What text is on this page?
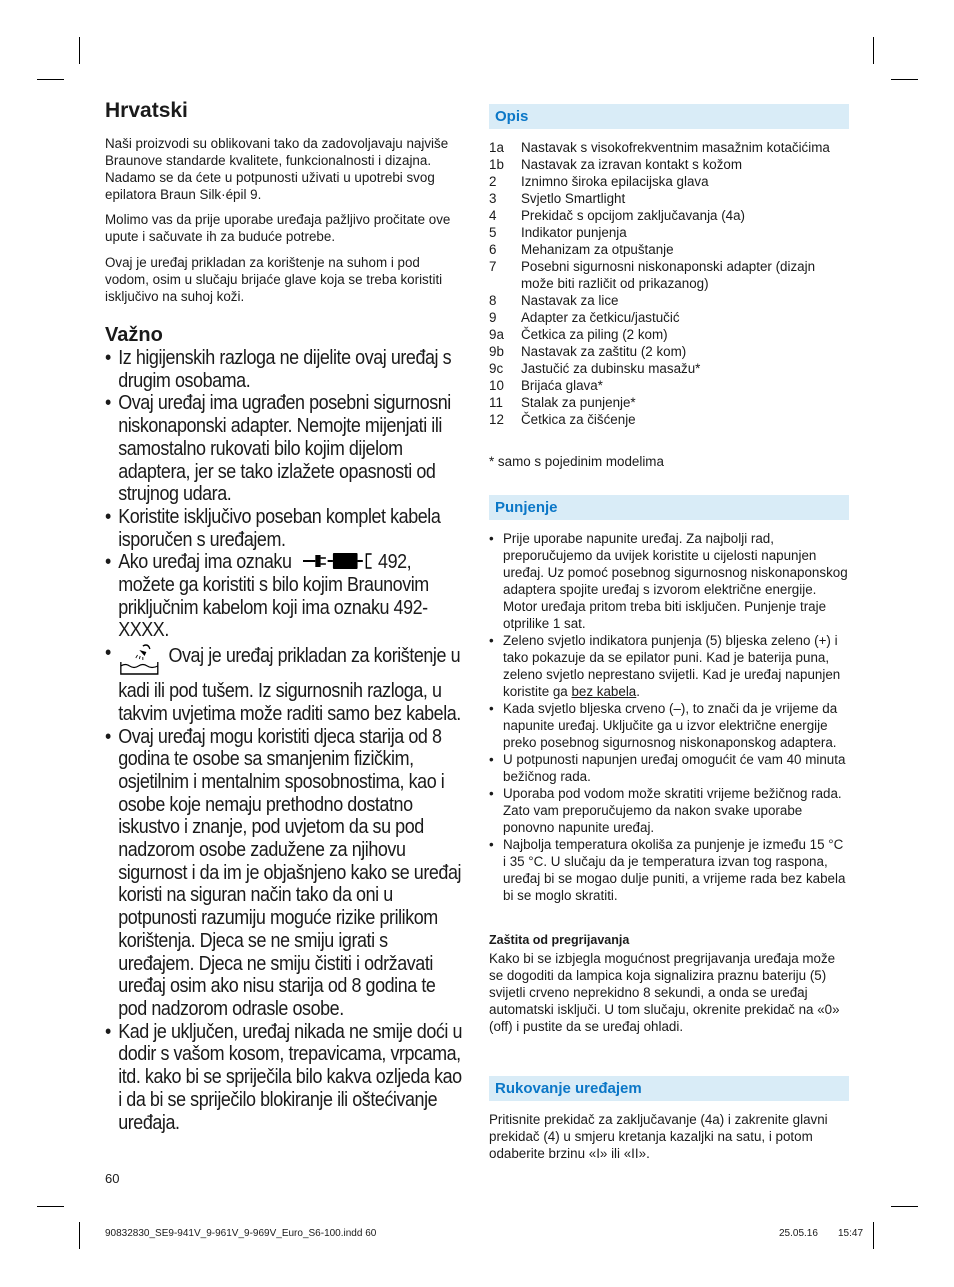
Hrvatski

Naši proizvodi su oblikovani tako da zadovoljavaju najviše Braunove standarde kvalitete, funkcionalnosti i dizajna. Nadamo se da ćete u potpunosti uživati u upotrebi svog epilatora Braun Silk·épil 9.

Molimo vas da prije uporabe uređaja pažljivo pročitate ove upute i sačuvate ih za buduće potrebe.

Ovaj je uređaj prikladan za korištenje na suhom i pod vodom, osim u slučaju brijaće glave koja se treba koristiti isključivo na suhoj koži.

Važno
• Iz higijenskih razloga ne dijelite ovaj uređaj s drugim osobama.
• Ovaj uređaj ima ugrađen posebni sigurnosni niskonaponski adapter. Nemojte mijenjati ili samostalno rukovati bilo kojim dijelom adaptera, jer se tako izlažete opasnosti od strujnog udara.
• Koristite isključivo poseban komplet kabela isporučen s uređajem.
• Ako uređaj ima oznaku	492, možete ga koristiti s bilo kojim Braunovim priključnim kabelom koji ima oznaku 492-XXXX.
• Ovaj je uređaj prikladan za korištenje u kadi ili pod tušem. Iz sigurnosnih razloga, u takvim uvjetima može raditi samo bez kabela.
• Ovaj uređaj mogu koristiti djeca starija od 8 godina te osobe sa smanjenim fizičkim, osjetilnim i mentalnim sposobnostima, kao i osobe koje nemaju prethodno dostatno iskustvo i znanje, pod uvjetom da su pod nadzorom osobe zadužene za njihovu sigurnost i da im je objašnjeno kako se uređaj koristi na siguran način tako da oni u potpunosti razumiju moguće rizike prilikom korištenja. Djeca se ne smiju igrati s uređajem. Djeca ne smiju čistiti i održavati uređaj osim ako nisu starija od 8 godina te pod nadzorom odrasle osobe.
• Kad je uključen, uređaj nikada ne smije doći u dodir s vašom kosom, trepavicama, vrpcama, itd. kako bi se spriječila bilo kakva ozljeda kao i da bi se spriječilo blokiranje ili oštećivanje uređaja.
60
Opis
1a	Nastavak s visokofrekventnim masažnim kotačićima
1b	Nastavak za izravan kontakt s kožom
2	Iznimno široka epilacijska glava
3	Svjetlo Smartlight
4	Prekidač s opcijom zaključavanja (4a)
5	Indikator punjenja
6	Mehanizam za otpuštanje
7	Posebni sigurnosni niskonaponski adapter (dizajn može biti različit od prikazanog)
8	Nastavak za lice
9	Adapter za četkicu/jastučić
9a	Četkica za piling (2 kom)
9b	Nastavak za zaštitu (2 kom)
9c	Jastučić za dubinsku masažu*
10	Brijaća glava*
11	Stalak za punjenje*
12	Četkica za čišćenje
* samo s pojedinim modelima
Punjenje
• Prije uporabe napunite uređaj. Za najbolji rad, preporučujemo da uvijek koristite u cijelosti napunjen uređaj. Uz pomoć posebnog sigurnosnog niskonaponskog adaptera spojite uređaj s izvorom električne energije. Motor uređaja pritom treba biti isključen. Punjenje traje otprilike 1 sat.
• Zeleno svjetlo indikatora punjenja (5) bljeska zeleno (+) i tako pokazuje da se epilator puni. Kad je baterija puna, zeleno svjetlo neprestano svijetli. Kad je uređaj napunjen koristite ga bez kabela.
• Kada svjetlo bljeska crveno (–), to znači da je vrijeme da napunite uređaj. Uključite ga u izvor električne energije preko posebnog sigurnosnog niskonaponskog adaptera.
• U potpunosti napunjen uređaj omogućit će vam 40 minuta bežičnog rada.
• Uporaba pod vodom može skratiti vrijeme bežičnog rada. Zato vam preporučujemo da nakon svake uporabe ponovno napunite uređaj.
• Najbolja temperatura okoliša za punjenje je između 15 °C i 35 °C. U slučaju da je temperatura izvan tog raspona, uređaj bi se mogao dulje puniti, a vrijeme rada bez kabela bi se moglo skratiti.
Zaštita od pregrijavanja
Kako bi se izbjegla mogućnost pregrijavanja uređaja može se dogoditi da lampica koja signalizira praznu bateriju (5) svijetli crveno neprekidno 8 sekundi, a onda se uređaj automatski isključi. U tom slučaju, okrenite prekidač na «0» (off) i pustite da se uređaj ohladi.
Rukovanje uređajem
Pritisnite prekidač za zaključavanje (4a) i zakrenite glavni prekidač (4) u smjeru kretanja kazaljki na satu, i potom odaberite brzinu «I» ili «II».
90832830_SE9-941V_9-961V_9-969V_Euro_S6-100.indd 60	25.05.16 15:47
